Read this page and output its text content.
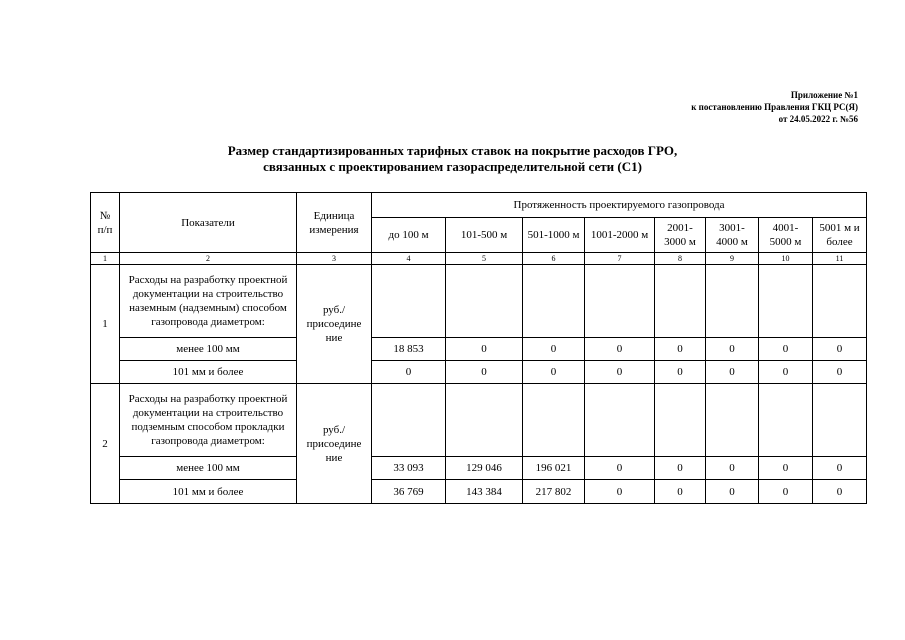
Приложение №1
к постановлению Правления ГКЦ РС(Я)
от 24.05.2022 г. №56
Размер стандартизированных тарифных ставок на покрытие расходов ГРО,
связанных с проектированием газораспределительной сети (С1)
№ п/п	Показатели	Единица измерения	Протяженность проектируемого газопровода							
			до 100 м	101-500 м	501-1000 м	1001-2000 м	2001-3000 м	3001-4000 м	4001-5000 м	5001 м и более
1	2	3	4	5	6	7	8	9	10	11
1	Расходы на разработку проектной документации на строительство наземным (надземным) способом газопровода диаметром:	руб./ присоедине ние								
	менее 100 мм		18 853	0	0	0	0	0	0	0
	101 мм и более		0	0	0	0	0	0	0	0
2	Расходы на разработку проектной документации на строительство подземным способом прокладки газопровода диаметром:	руб./ присоедине ние								
	менее 100 мм		33 093	129 046	196 021	0	0	0	0	0
	101 мм и более		36 769	143 384	217 802	0	0	0	0	0
